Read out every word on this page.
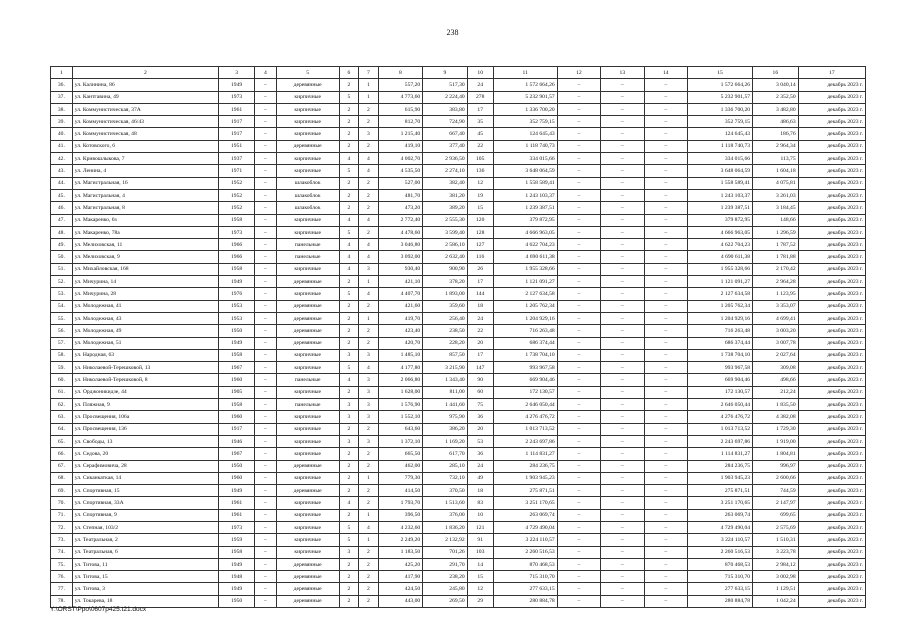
238
1	2	3	4	5	6	7	8	9	10	11	12	13	14	15	16	17
36.	ул. Калинина, 86	1949	–	деревянные	2	1	557,20	517,30	24	1 572 664,26	–	–	–	1 572 664,26	3 040,14	декабрь 2023 г.
37.	ул. Кантгавина, 49	1973	–	кирпичные	5	1	4 773,60	2 224,40	278	5 232 901,57	–	–	–	5 232 901,57	2 352,50	декабрь 2023 г.
38.	ул. Коммунистическая, 37А	1961	–	кирпичные	2	2	615,90	383,80	17	1 336 700,20	–	–	–	1 336 700,20	3 482,80	декабрь 2023 г.
39.	ул. Коммунистическая, 46/43	1917	–	кирпичные	2	2	812,70	724,90	35	352 759,15	–	–	–	352 759,15	486,63	декабрь 2023 г.
40.	ул. Коммунистическая, 48	1917	–	кирпичные	2	3	1 215,40	667,40	45	124 645,43	–	–	–	124 645,43	186,76	декабрь 2023 г.
41.	ул. Котовского, 6	1951	–	деревянные	2	2	419,10	377,40	22	1 118 740,73	–	–	–	1 118 740,73	2 964,34	декабрь 2023 г.
42.	ул. Кривошлыкова, 7	1937	–	кирпичные	4	4	4 002,70	2 936,50	105	334 015,66	–	–	–	334 015,66	113,75	декабрь 2023 г.
43.	ул. Ленина, 4	1971	–	кирпичные	5	4	4 535,50	2 274,10	136	3 648 064,59	–	–	–	3 648 064,59	1 604,18	декабрь 2023 г.
44.	ул. Магистральная, 16	1952	–	шлакоблок	2	2	527,00	382,40	12	1 558 589,41	–	–	–	1 558 589,41	4 075,81	декабрь 2023 г.
45.	ул. Магистральная, 4	1952	–	шлакоблок	2	2	481,70	381,20	19	1 243 103,37	–	–	–	1 243 103,37	3 261,03	декабрь 2023 г.
46.	ул. Магистральная, 8	1952	–	шлакоблок	2	2	473,20	389,20	15	1 239 387,51	–	–	–	1 239 387,51	3 184,45	декабрь 2023 г.
47.	ул. Макаренко, 6з	1958	–	кирпичные	4	4	2 772,40	2 555,30	120	379 872,95	–	–	–	379 872,95	148,66	декабрь 2023 г.
48.	ул. Макаренко, 78а	1973	–	кирпичные	5	2	4 478,60	3 599,40	128	4 666 963,05	–	–	–	4 666 963,05	1 296,59	декабрь 2023 г.
49.	ул. Мелиховская, 11	1966	–	панельные	4	4	3 046,80	2 586,10	127	4 622 704,23	–	–	–	4 622 704,23	1 787,52	декабрь 2023 г.
50.	ул. Мелиховская, 9	1966	–	панельные	4	4	3 092,00	2 632,40	116	4 690 611,38	–	–	–	4 690 611,38	1 781,88	декабрь 2023 г.
51.	ул. Михайловская, 168	1958	–	кирпичные	4	3	930,40	900,90	26	1 955 328,66	–	–	–	1 955 328,66	2 170,42	декабрь 2023 г.
52.	ул. Мичурина, 14	1949	–	деревянные	2	1	421,10	378,20	17	1 121 091,27	–	–	–	1 121 091,27	2 964,28	декабрь 2023 г.
53.	ул. Мичурина, 28	1976	–	кирпичные	5	4	4 407,70	1 893,00	144	2 127 634,58	–	–	–	2 127 634,58	1 123,95	декабрь 2023 г.
54.	ул. Молодежная, 41	1953	–	деревянные	2	2	421,60	359,60	18	1 205 762,34	–	–	–	1 205 762,34	3 353,07	декабрь 2023 г.
55.	ул. Молодежная, 43	1953	–	деревянные	2	1	419,70	256,40	24	1 204 929,16	–	–	–	1 204 929,16	4 699,41	декабрь 2023 г.
56.	ул. Молодежная, 49	1950	–	деревянные	2	2	423,40	238,50	22	716 263,48	–	–	–	716 263,48	3 003,20	декабрь 2023 г.
57.	ул. Молодежная, 51	1949	–	деревянные	2	2	420,70	228,20	20	686 374,44	–	–	–	686 374,44	3 007,78	декабрь 2023 г.
58.	ул. Народная, 63	1958	–	кирпичные	3	3	1 485,10	857,50	17	1 738 704,10	–	–	–	1 738 704,10	2 027,64	декабрь 2023 г.
59.	ул. Николаевой-Терешковой, 13	1967	–	кирпичные	5	4	4 177,80	3 215,90	147	993 967,58	–	–	–	993 967,58	309,08	декабрь 2023 г.
60.	ул. Николаевой-Терешковой, 8	1960	–	панельные	4	3	2 066,80	1 343,40	90	669 904,46	–	–	–	669 904,46	498,66	декабрь 2023 г.
61.	ул. Орджоникидзе, 44	1905	–	кирпичные	2	3	1 628,00	811,00	60	172 130,57	–	–	–	172 130,57	212,24	декабрь 2023 г.
62.	ул. Пляжная, 9	1958	–	панельные	3	3	1 576,90	1 441,60	75	2 646 050,44	–	–	–	2 646 050,44	1 835,50	декабрь 2023 г.
63.	ул. Просвещения, 106а	1960	–	кирпичные	3	3	1 552,10	975,90	36	4 276 476,72	–	–	–	4 276 476,72	4 382,08	декабрь 2023 г.
64.	ул. Просвещения, 136	1917	–	кирпичные	2	2	643,60	386,20	20	1 013 713,52	–	–	–	1 013 713,52	1 729,30	декабрь 2023 г.
65.	ул. Свободы, 13	1946	–	кирпичные	3	3	1 372,10	1 169,20	53	2 243 697,86	–	–	–	2 243 697,86	1 919,00	декабрь 2023 г.
66.	ул. Седова, 20	1967	–	кирпичные	2	2	665,50	617,70	36	1 114 831,27	–	–	–	1 114 831,27	1 804,81	декабрь 2023 г.
67.	ул. Серафимовича, 28	1950	–	деревянные	2	2	462,00	285,10	24	284 236,75	–	–	–	284 236,75	996,97	декабрь 2023 г.
68.	ул. Сиканкаткая, 14	1960	–	кирпичные	2	1	779,30	732,10	49	1 903 945,23	–	–	–	1 903 945,23	2 600,66	декабрь 2023 г.
69.	ул. Спортивная, 15	1949	–	деревянные	2	2	414,50	370,50	18	275 871,51	–	–	–	275 871,51	744,59	декабрь 2023 г.
70.	ул. Спортивная, 33А	1961	–	кирпичные	4	2	1 793,70	1 513,60	83	3 251 170,65	–	–	–	3 251 170,65	2 147,97	декабрь 2023 г.
71.	ул. Спортивная, 9	1961	–	кирпичные	2	1	396,50	376,00	10	263 069,74	–	–	–	263 069,74	699,65	декабрь 2023 г.
72.	ул. Степная, 103/2	1973	–	кирпичные	5	4	4 232,60	1 836,20	121	4 729 490,04	–	–	–	4 729 490,04	2 575,69	декабрь 2023 г.
73.	ул. Театральная, 2	1959	–	кирпичные	5	1	2 249,20	2 132,92	91	3 224 110,57	–	–	–	3 224 110,57	1 510,31	декабрь 2023 г.
74.	ул. Театральная, 6	1958	–	кирпичные	3	2	1 183,50	701,26	103	2 260 516,53	–	–	–	2 260 516,53	3 223,78	декабрь 2023 г.
75.	ул. Титова, 11	1949	–	деревянные	2	2	425,20	291,70	14	870 468,53	–	–	–	870 468,53	2 984,12	декабрь 2023 г.
76.	ул. Титова, 15	1948	–	деревянные	2	2	417,90	238,20	15	715 310,70	–	–	–	715 310,70	3 002,98	декабрь 2023 г.
77.	ул. Титова, 3	1949	–	деревянные	2	2	424,50	245,80	12	277 633,15	–	–	–	277 633,15	1 129,51	декабрь 2023 г.
78.	ул. Токарева, 18	1950	–	деревянные	2	2	443,00	269,50	29	280 884,78	–	–	–	280 884,78	1 042,24	декабрь 2023 г.
Y:\ORST\Ppo\0607p425.t21.docx
